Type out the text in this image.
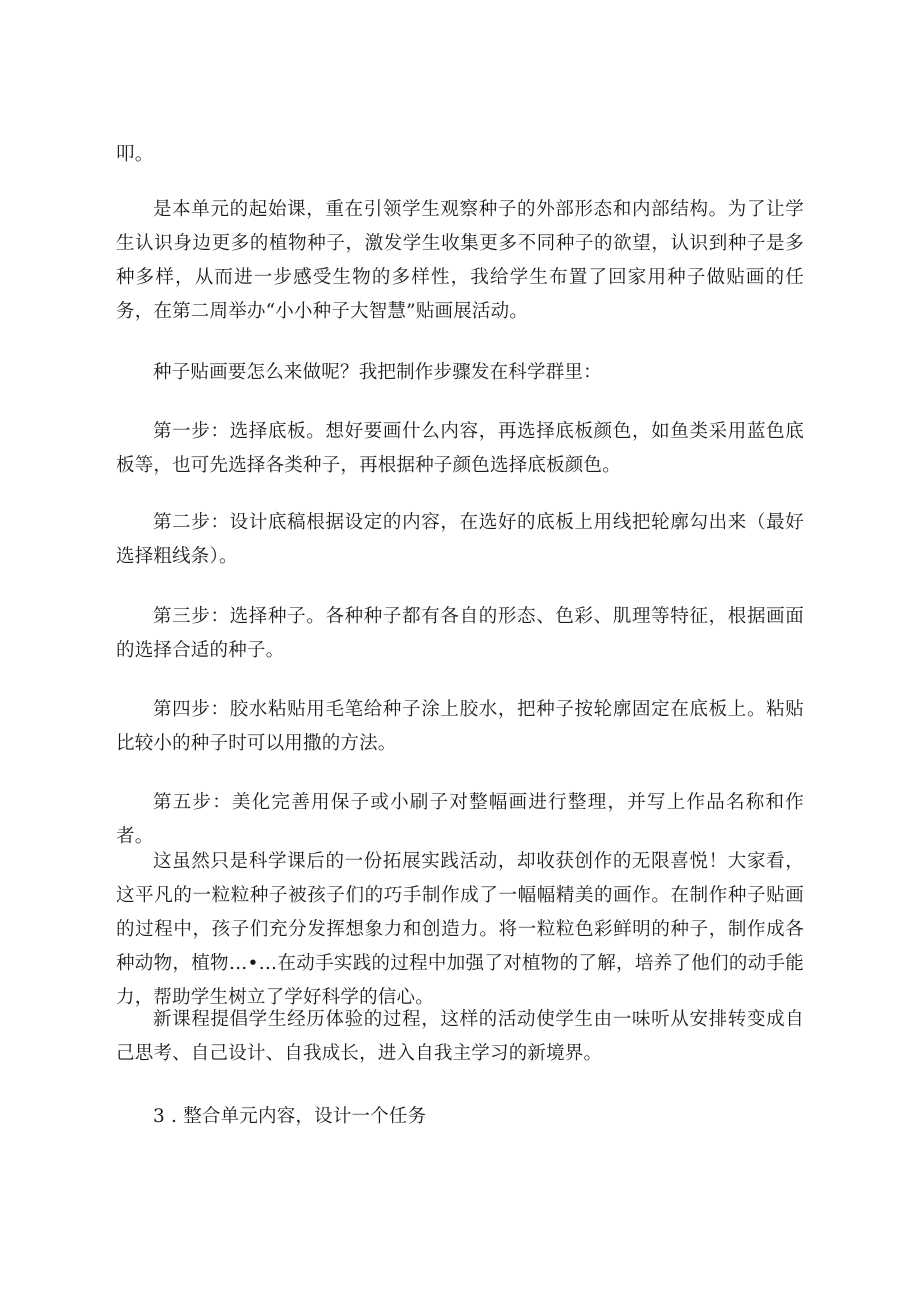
叩。

是本单元的起始课，重在引领学生观察种子的外部形态和内部结构。为了让学生认识身边更多的植物种子，激发学生收集更多不同种子的欲望，认识到种子是多种多样，从而进一步感受生物的多样性，我给学生布置了回家用种子做贴画的任务，在第二周举办“小小种子大智慧”贴画展活动。

种子贴画要怎么来做呢？我把制作步骤发在科学群里：

第一步：选择底板。想好要画什么内容，再选择底板颜色，如鱼类采用蓝色底板等，也可先选择各类种子，再根据种子颜色选择底板颜色。

第二步：设计底稿根据设定的内容，在选好的底板上用线把轮廓勾出来（最好选择粗线条）。

第三步：选择种子。各种种子都有各自的形态、色彩、肌理等特征，根据画面的选择合适的种子。

第四步：胶水粘贴用毛笔给种子涂上胶水，把种子按轮廓固定在底板上。粘贴比较小的种子时可以用撒的方法。

第五步：美化完善用保子或小刷子对整幅画进行整理，并写上作品名称和作者。

这虽然只是科学课后的一份拓展实践活动，却收获创作的无限喜悦！大家看，这平凡的一粒粒种子被孩子们的巧手制作成了一幅幅精美的画作。在制作种子贴画的过程中，孩子们充分发挥想象力和创造力。将一粒粒色彩鲜明的种子，制作成各种动物，植物…•…在动手实践的过程中加强了对植物的了解，培养了他们的动手能力，帮助学生树立了学好科学的信心。

新课程提倡学生经历体验的过程，这样的活动使学生由一味听从安排转变成自己思考、自己设计、自我成长，进入自我主学习的新境界。

3 . 整合单元内容，设计一个任务
